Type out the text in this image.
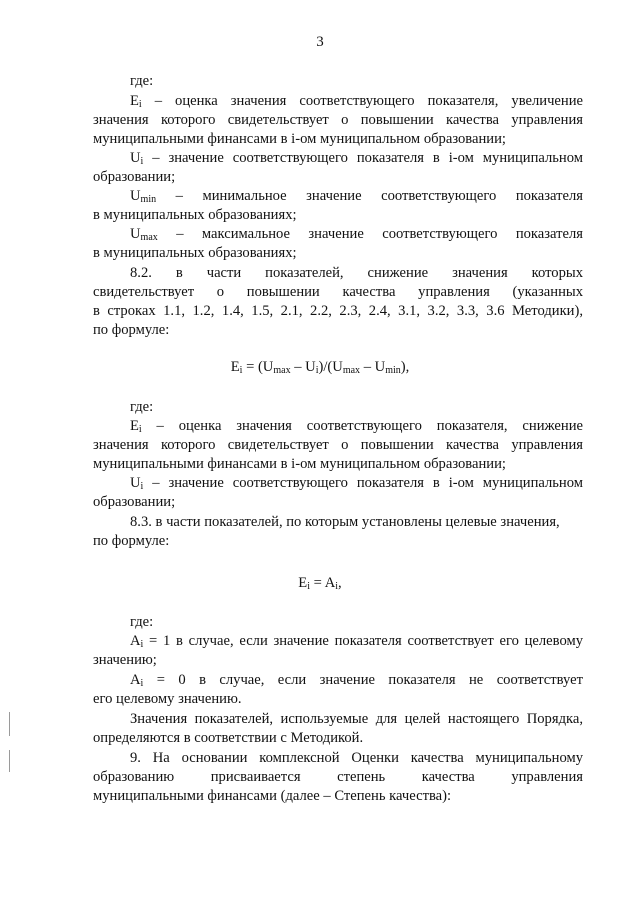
3
где:
$E_i$ – оценка значения соответствующего показателя, увеличение
значения которого свидетельствует о повышении качества управления
муниципальными финансами в i-ом муниципальном образовании;
$U_i$ – значение соответствующего показателя в i-ом муниципальном
образовании;
$U_{min}$ – минимальное значение соответствующего показателя
в муниципальных образованиях;
$U_{max}$ – максимальное значение соответствующего показателя
в муниципальных образованиях;
8.2. в части показателей, снижение значения которых
свидетельствует о повышении качества управления (указанных
в строках 1.1, 1.2, 1.4, 1.5, 2.1, 2.2, 2.3, 2.4, 3.1, 3.2, 3.3, 3.6 Методики),
по формуле:
$E_i = (U_{max} - U_i)/(U_{max} - U_{min})$,
где:
$E_i$ – оценка значения соответствующего показателя, снижение
значения которого свидетельствует о повышении качества управления
муниципальными финансами в i-ом муниципальном образовании;
$U_i$ – значение соответствующего показателя в i-ом муниципальном
образовании;
8.3. в части показателей, по которым установлены целевые значения,
по формуле:
$E_i = A_i$,
где:
$A_i = 1$ в случае, если значение показателя соответствует его целевому
значению;
$A_i = 0$ в случае, если значение показателя не соответствует
его целевому значению.
Значения показателей, используемые для целей настоящего Порядка,
определяются в соответствии с Методикой.
9. На основании комплексной Оценки качества муниципальному
образованию присваивается степень качества управления
муниципальными финансами (далее – Степень качества):
